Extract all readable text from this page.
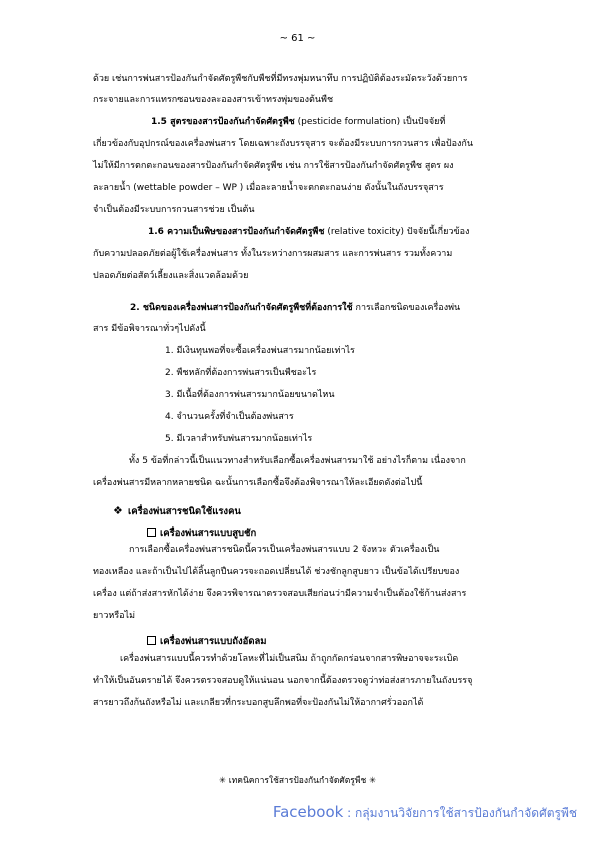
~ 61 ~
ด้วย เช่นการพ่นสารป้องกันกำจัดศัตรูพืชกับพืชที่มีทรงพุ่มหนาทึบ การปฏิบัติต้องระมัดระวังด้วยการ
กระจายและการแทรกซอนของละอองสารเข้าทรงพุ่มของต้นพืช
1.5 สูตรของสารป้องกันกำจัดศัตรูพืช (pesticide formulation) เป็นปัจจัยที่
เกี่ยวข้องกับอุปกรณ์ของเครื่องพ่นสาร โดยเฉพาะถังบรรจุสาร จะต้องมีระบบการกวนสาร เพื่อป้องกัน
ไม่ให้มีการตกตะกอนของสารป้องกันกำจัดศัตรูพืช เช่น การใช้สารป้องกันกำจัดศัตรูพืช สูตร ผง
ละลายน้ำ (wettable powder – WP ) เมื่อละลายน้ำจะตกตะกอนง่าย ดังนั้นในถังบรรจุสาร
จำเป็นต้องมีระบบการกวนสารช่วย เป็นต้น
1.6 ความเป็นพิษของสารป้องกันกำจัดศัตรูพืช (relative toxicity) ปัจจัยนี้เกี่ยวข้อง
กับความปลอดภัยต่อผู้ใช้เครื่องพ่นสาร ทั้งในระหว่างการผสมสาร และการพ่นสาร รวมทั้งความ
ปลอดภัยต่อสัตว์เลี้ยงและสิ่งแวดล้อมด้วย
2. ชนิดของเครื่องพ่นสารป้องกันกำจัดศัตรูพืชที่ต้องการใช้ การเลือกชนิดของเครื่องพ่น
สาร มีข้อพิจารณาทั่วๆไปดังนี้
1. มีเงินทุนพอที่จะซื้อเครื่องพ่นสารมากน้อยเท่าไร
2. พืชหลักที่ต้องการพ่นสารเป็นพืชอะไร
3. มีเนื้อที่ต้องการพ่นสารมากน้อยขนาดไหน
4. จำนวนครั้งที่จำเป็นต้องพ่นสาร
5. มีเวลาสำหรับพ่นสารมากน้อยเท่าไร
ทั้ง 5 ข้อที่กล่าวนี้เป็นแนวทางสำหรับเลือกซื้อเครื่องพ่นสารมาใช้ อย่างไรก็ตาม เนื่องจาก
เครื่องพ่นสารมีหลากหลายชนิด ฉะนั้นการเลือกซื้อจึงต้องพิจารณาให้ละเอียดดังต่อไปนี้
❖ เครื่องพ่นสารชนิดใช้แรงคน
เครื่องพ่นสารแบบสูบชัก
การเลือกซื้อเครื่องพ่นสารชนิดนี้ควรเป็นเครื่องพ่นสารแบบ 2 จังหวะ ตัวเครื่องเป็น
ทองเหลือง และถ้าเป็นไปได้ลิ้นลูกปืนควรจะถอดเปลี่ยนได้ ช่วงชักลูกสูบยาว เป็นข้อได้เปรียบของ
เครื่อง แต่ถ้าส่งสารหักได้ง่าย จึงควรพิจารณาตรวจสอบเสียก่อนว่ามีความจำเป็นต้องใช้ก้านส่งสาร
ยาวหรือไม่
เครื่องพ่นสารแบบถังอัดลม
เครื่องพ่นสารแบบนี้ควรทำด้วยโลหะที่ไม่เป็นสนิม ถ้าถูกกัดกร่อนจากสารพิษอาจจะระเบิด
ทำให้เป็นอันตรายได้ จึงควรตรวจสอบดูให้แน่นอน นอกจากนี้ต้องตรวจดูว่าท่อส่งสารภายในถังบรรจุ
สารยาวถึงก้นถังหรือไม่ และเกลียวที่กระบอกสูบลึกพอที่จะป้องกันไม่ให้อากาศรั่วออกได้
✳ เทคนิคการใช้สารป้องกันกำจัดศัตรูพืช ✳
Facebook : กลุ่มงานวิจัยการใช้สารป้องกันกำจัดศัตรูพืช
